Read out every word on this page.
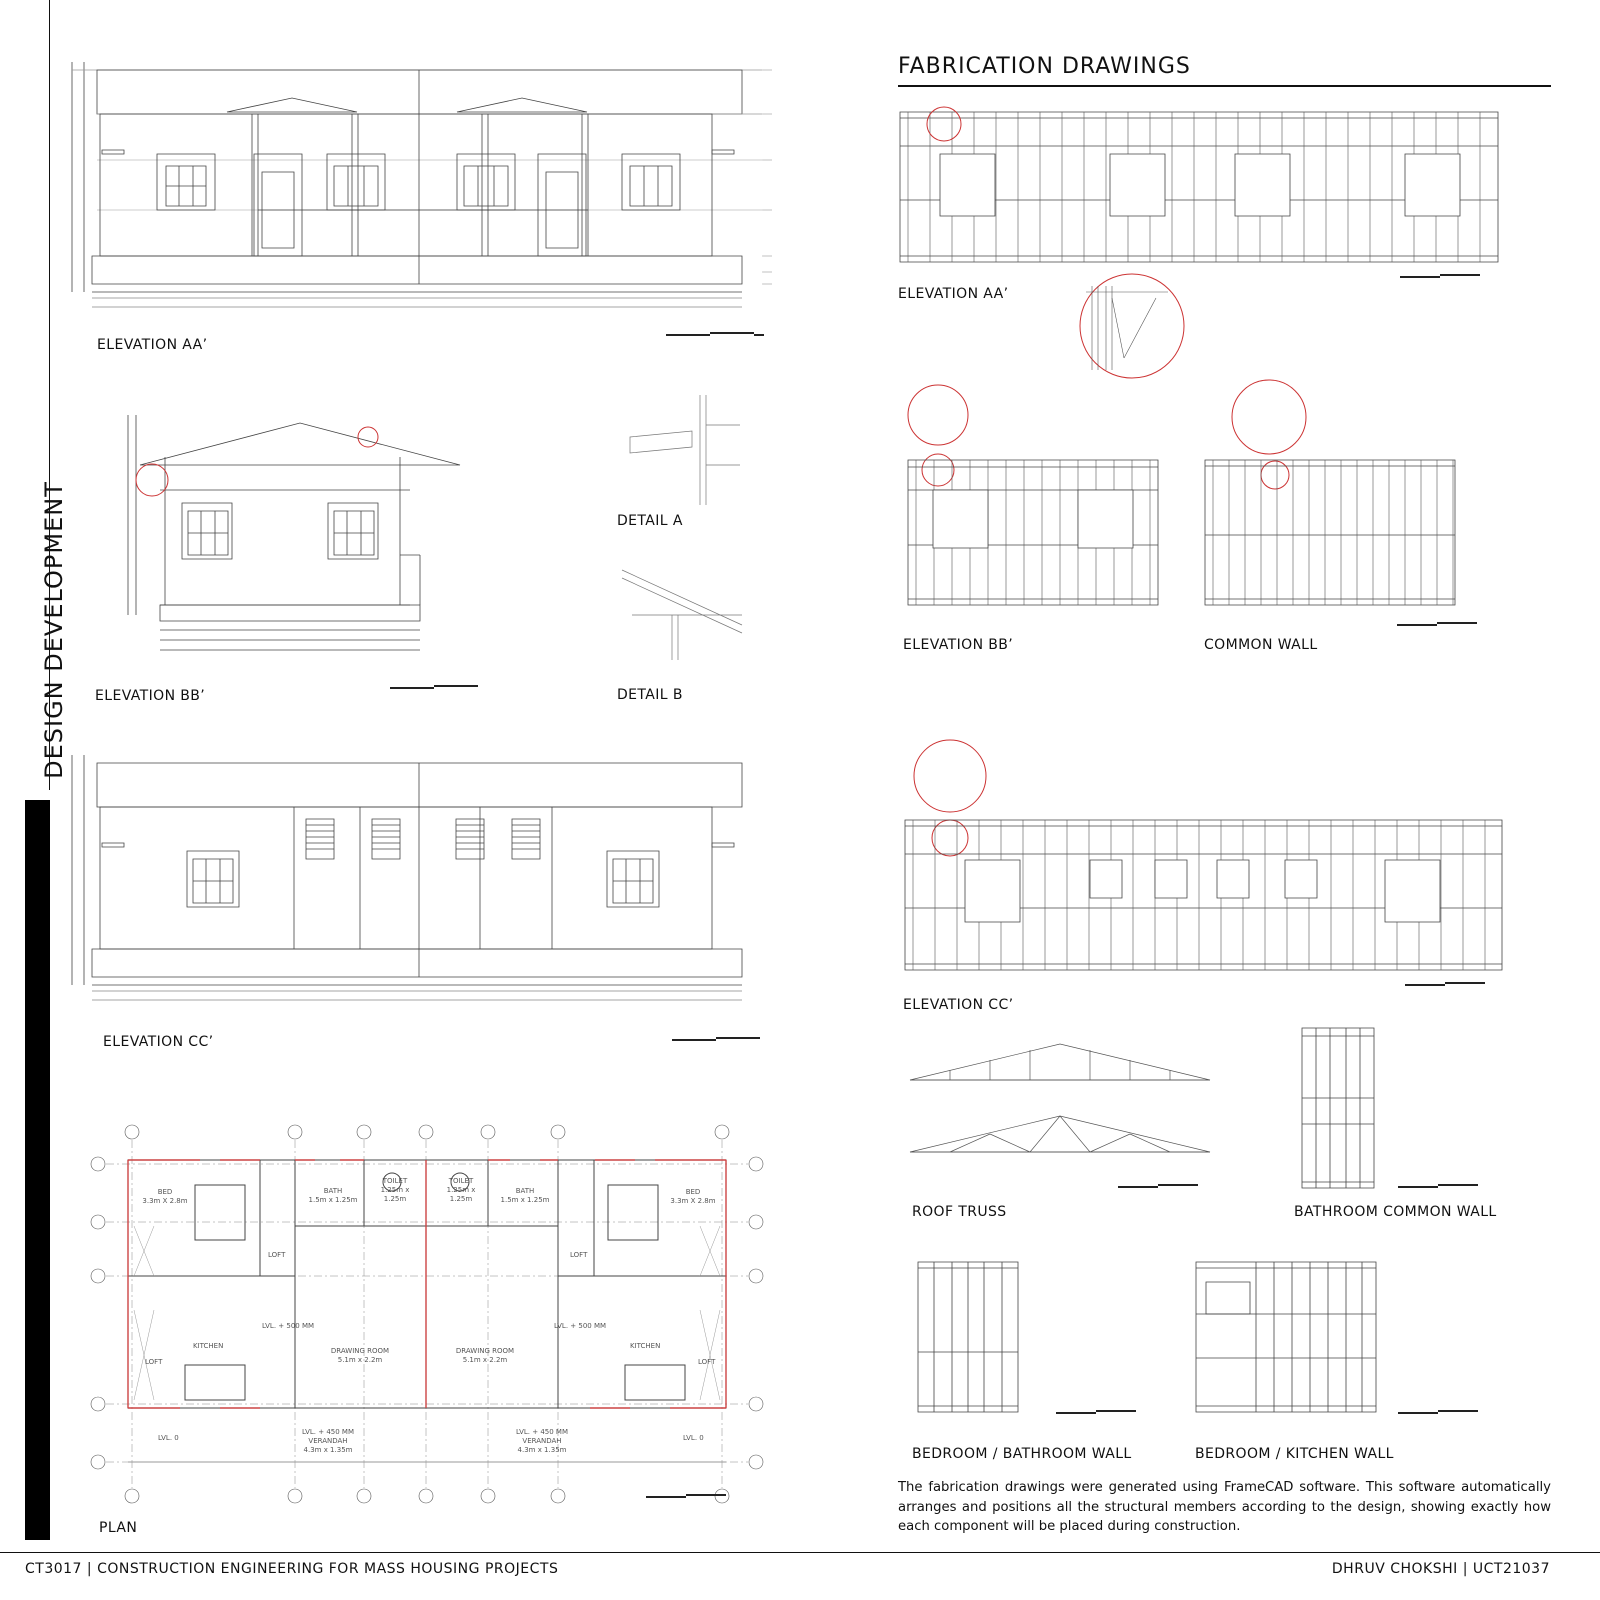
DESIGN DEVELOPMENT
ELEVATION AA’
ELEVATION BB’
DETAIL A
DETAIL B
ELEVATION CC’
BED
3.3m X 2.8m
BATH
1.5m x 1.25m
TOILET
1.25m x 1.25m
TOILET
1.25m x 1.25m
BATH
1.5m x 1.25m
BED
3.3m X 2.8m
LOFT	LOFT
LOFT	LOFT
LVL. + 500 MM	LVL. + 500 MM
KITCHEN	KITCHEN
DRAWING ROOM
5.1m x 2.2m
DRAWING ROOM
5.1m x 2.2m
LVL. + 450 MM
VERANDAH
4.3m x 1.35m
LVL. + 450 MM
VERANDAH
4.3m x 1.35m
LVL. 0	LVL. 0
PLAN
FABRICATION DRAWINGS
ELEVATION AA’
ELEVATION BB’	COMMON WALL
ELEVATION CC’
ROOF TRUSS	BATHROOM COMMON WALL
BEDROOM / BATHROOM WALL	BEDROOM / KITCHEN WALL
The fabrication drawings were generated using FrameCAD software. This software automatically arranges and positions all the structural members according to the design, showing exactly how each component will be placed during construction.
CT3017 | CONSTRUCTION ENGINEERING FOR MASS HOUSING PROJECTS	DHRUV CHOKSHI | UCT21037
